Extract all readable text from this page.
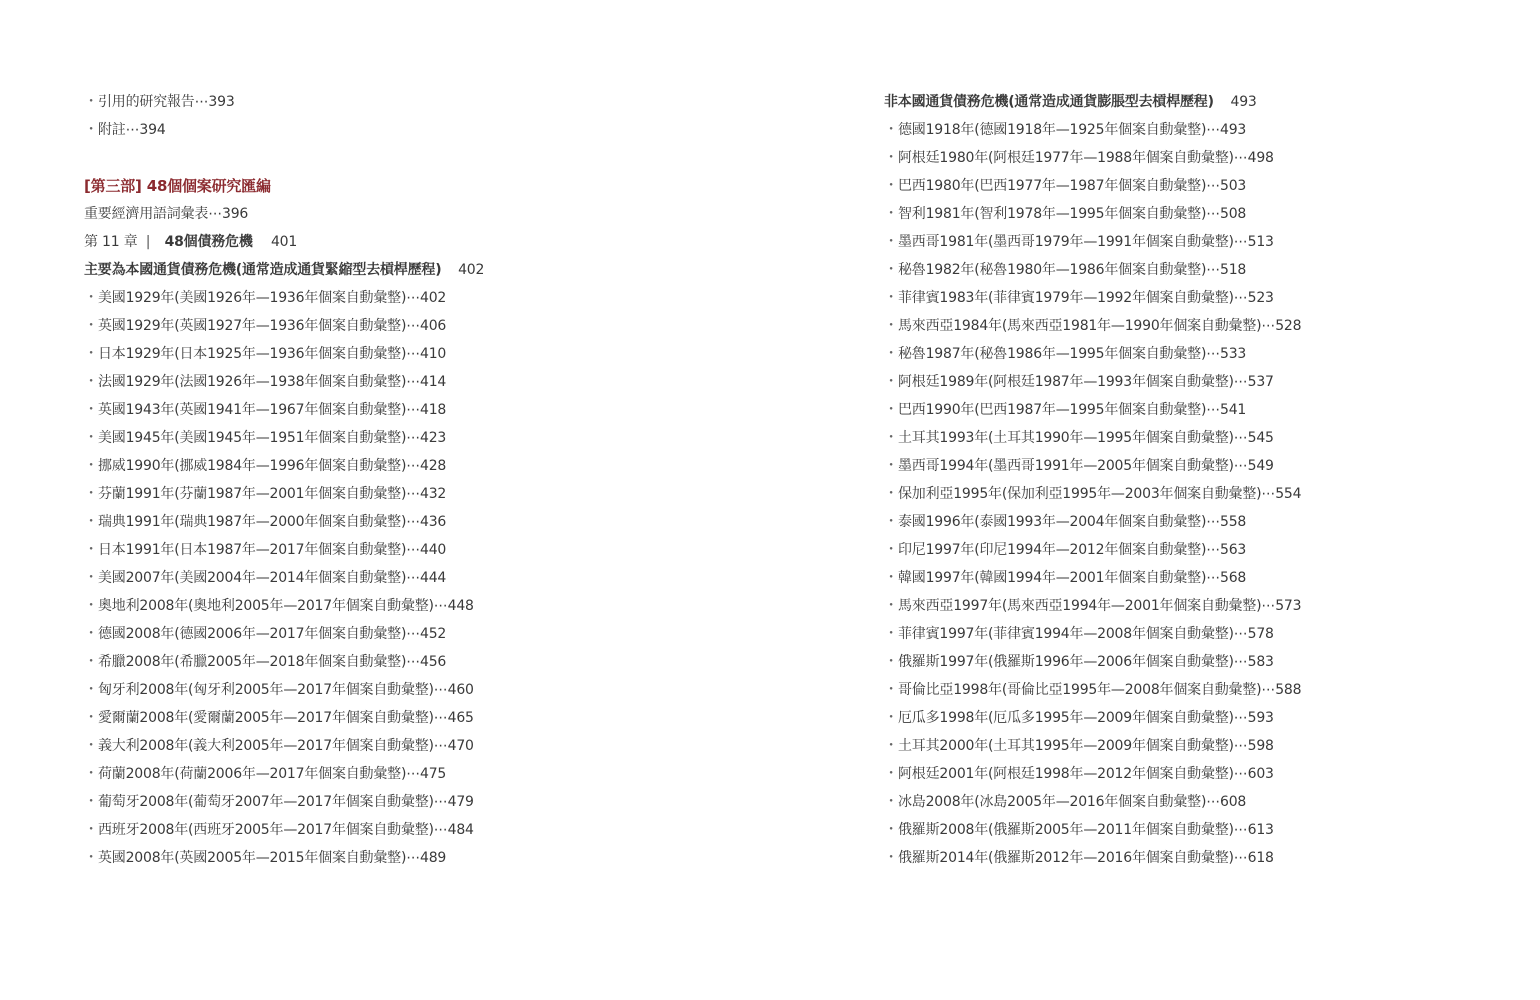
・引用的研究報告⋯393
・附註⋯394
[第三部] 48個個案研究匯編
重要經濟用語詞彙表⋯396
第 11 章 | 48個債務危機 401
主要為本國通貨債務危機(通常造成通貨緊縮型去槓桿歷程) 402
・美國1929年(美國1926年—1936年個案自動彙整)⋯402
・英國1929年(英國1927年—1936年個案自動彙整)⋯406
・日本1929年(日本1925年—1936年個案自動彙整)⋯410
・法國1929年(法國1926年—1938年個案自動彙整)⋯414
・英國1943年(英國1941年—1967年個案自動彙整)⋯418
・美國1945年(美國1945年—1951年個案自動彙整)⋯423
・挪威1990年(挪威1984年—1996年個案自動彙整)⋯428
・芬蘭1991年(芬蘭1987年—2001年個案自動彙整)⋯432
・瑞典1991年(瑞典1987年—2000年個案自動彙整)⋯436
・日本1991年(日本1987年—2017年個案自動彙整)⋯440
・美國2007年(美國2004年—2014年個案自動彙整)⋯444
・奧地利2008年(奧地利2005年—2017年個案自動彙整)⋯448
・德國2008年(德國2006年—2017年個案自動彙整)⋯452
・希臘2008年(希臘2005年—2018年個案自動彙整)⋯456
・匈牙利2008年(匈牙利2005年—2017年個案自動彙整)⋯460
・愛爾蘭2008年(愛爾蘭2005年—2017年個案自動彙整)⋯465
・義大利2008年(義大利2005年—2017年個案自動彙整)⋯470
・荷蘭2008年(荷蘭2006年—2017年個案自動彙整)⋯475
・葡萄牙2008年(葡萄牙2007年—2017年個案自動彙整)⋯479
・西班牙2008年(西班牙2005年—2017年個案自動彙整)⋯484
・英國2008年(英國2005年—2015年個案自動彙整)⋯489
非本國通貨債務危機(通常造成通貨膨脹型去槓桿歷程) 493
・德國1918年(德國1918年—1925年個案自動彙整)⋯493
・阿根廷1980年(阿根廷1977年—1988年個案自動彙整)⋯498
・巴西1980年(巴西1977年—1987年個案自動彙整)⋯503
・智利1981年(智利1978年—1995年個案自動彙整)⋯508
・墨西哥1981年(墨西哥1979年—1991年個案自動彙整)⋯513
・秘魯1982年(秘魯1980年—1986年個案自動彙整)⋯518
・菲律賓1983年(菲律賓1979年—1992年個案自動彙整)⋯523
・馬來西亞1984年(馬來西亞1981年—1990年個案自動彙整)⋯528
・秘魯1987年(秘魯1986年—1995年個案自動彙整)⋯533
・阿根廷1989年(阿根廷1987年—1993年個案自動彙整)⋯537
・巴西1990年(巴西1987年—1995年個案自動彙整)⋯541
・土耳其1993年(土耳其1990年—1995年個案自動彙整)⋯545
・墨西哥1994年(墨西哥1991年—2005年個案自動彙整)⋯549
・保加利亞1995年(保加利亞1995年—2003年個案自動彙整)⋯554
・泰國1996年(泰國1993年—2004年個案自動彙整)⋯558
・印尼1997年(印尼1994年—2012年個案自動彙整)⋯563
・韓國1997年(韓國1994年—2001年個案自動彙整)⋯568
・馬來西亞1997年(馬來西亞1994年—2001年個案自動彙整)⋯573
・菲律賓1997年(菲律賓1994年—2008年個案自動彙整)⋯578
・俄羅斯1997年(俄羅斯1996年—2006年個案自動彙整)⋯583
・哥倫比亞1998年(哥倫比亞1995年—2008年個案自動彙整)⋯588
・厄瓜多1998年(厄瓜多1995年—2009年個案自動彙整)⋯593
・土耳其2000年(土耳其1995年—2009年個案自動彙整)⋯598
・阿根廷2001年(阿根廷1998年—2012年個案自動彙整)⋯603
・冰島2008年(冰島2005年—2016年個案自動彙整)⋯608
・俄羅斯2008年(俄羅斯2005年—2011年個案自動彙整)⋯613
・俄羅斯2014年(俄羅斯2012年—2016年個案自動彙整)⋯618
